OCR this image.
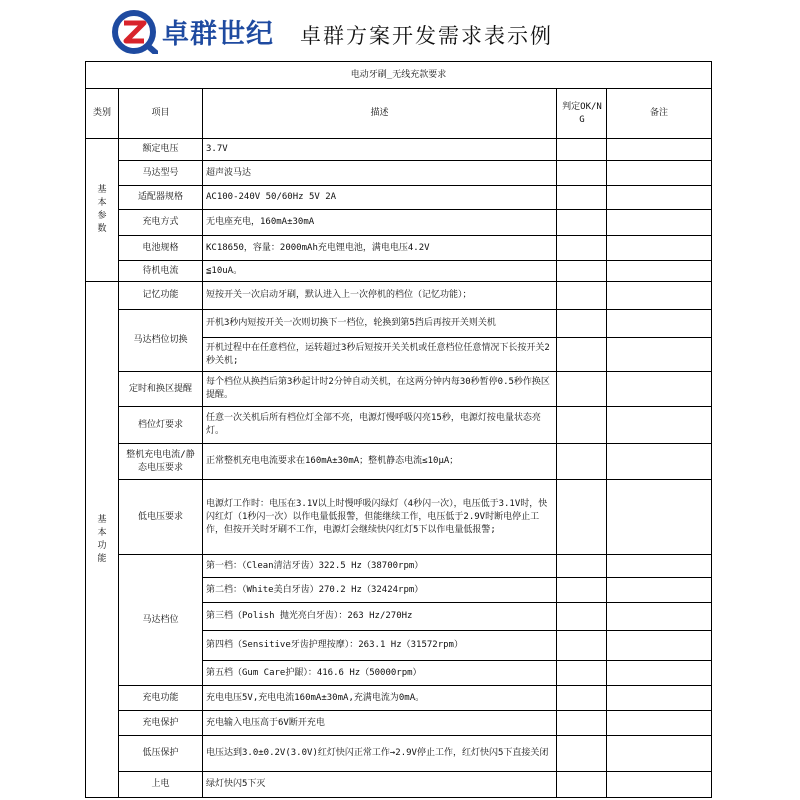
卓群世纪 卓群方案开发需求表示例
电动牙刷_无线充款要求				
类别	项目	描述	判定OK/NG	备注
基本参数	额定电压	3.7V		
	马达型号	超声波马达		
	适配器规格	AC100-240V 50/60Hz 5V 2A		
	充电方式	无电座充电，160mA±30mA		
	电池规格	KC18650，容量：2000mAh充电锂电池，满电电压4.2V		
	待机电流	≦10uA。		
基本功能	记忆功能	短按开关一次启动牙刷，默认进入上一次停机的档位（记忆功能）；		
	马达档位切换	开机3秒内短按开关一次则切换下一档位，轮换到第5挡后再按开关则关机		
		开机过程中在任意档位，运转超过3秒后短按开关关机或任意档位任意情况下长按开关2秒关机;		
	定时和换区提醒	每个档位从换挡后第3秒起计时2分钟自动关机，在这两分钟内每30秒暂停0.5秒作换区提醒。		
	档位灯要求	任意一次关机后所有档位灯全部不亮，电源灯慢呼吸闪亮15秒，电源灯按电量状态亮灯。		
	整机充电电流/静态电压要求	正常整机充电电流要求在160mA±30mA；整机静态电流≤10μA；		
	低电压要求	电源灯工作时：电压在3.1V以上时慢呼吸闪绿灯（4秒闪一次），电压低于3.1V时，快闪红灯（1秒闪一次）以作电量低报警，但能继续工作，电压低于2.9V时断电停止工作，但按开关时牙刷不工作，电源灯会继续快闪红灯5下以作电量低报警;		
	马达档位	第一档：（Clean清洁牙齿）322.5 Hz（38700rpm）		
		第二档：（White美白牙齿）270.2 Hz（32424rpm）		
		第三档（Polish 抛光亮白牙齿）：263 Hz/270Hz		
		第四档（Sensitive牙齿护理按摩）：263.1 Hz（31572rpm）		
		第五档（Gum Care护龈）：416.6 Hz（50000rpm）		
	充电功能	充电电压5V,充电电流160mA±30mA,充满电流为0mA。		
	充电保护	充电输入电压高于6V断开充电		
	低压保护	电压达到3.0±0.2V(3.0V)红灯快闪正常工作→2.9V停止工作，红灯快闪5下直接关闭		
	上电	绿灯快闪5下灭		
